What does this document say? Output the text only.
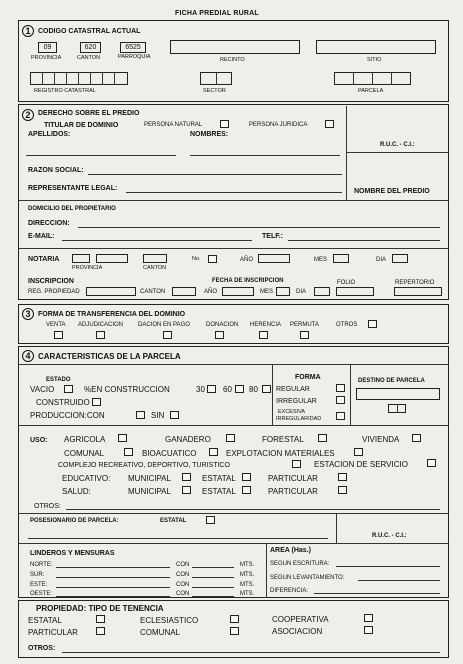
FICHA PREDIAL RURAL
1	CODIGO CATASTRAL ACTUAL
09	620	6525
PROVINCIA	CANTON	PARROQUIA	RECINTO	SITIO
REGISTRO CATASTRAL	SECTOR	PARCELA
2	DERECHO SOBRE EL PREDIO
TITULAR DE DOMINIO	PERSONA NATURAL	PERSONA JURIDICA
APELLIDOS:	NOMBRES:
R.U.C. - C.I.:
NOMBRE DEL PREDIO
RAZON SOCIAL:
REPRESENTANTE LEGAL:
DOMICILIO DEL PROPIETARIO
DIRECCION:
E-MAIL:	TELF.:
NOTARIA
PROVINCIA	CANTON
No.	AÑO	MES	DIA
INSCRIPCION	FECHA DE INSCRIPCION	FOLIO	REPERTORIO
REG. PROPIEDAD	CANTON	AÑO	MES	DIA
3	FORMA DE TRANSFERENCIA DEL DOMINIO
VENTA ADJUDICACION DACION EN PAGO	DONACION HERENCIA PERMUTA	OTROS
4 CARACTERISTICAS DE LA PARCELA
ESTADO
VACIO	%EN CONSTRUCCION	30 60 80
CONSTRUIDO
PRODUCCION:CON	SIN
FORMA
REGULAR
IRREGULAR
EXCESIVA
IRREGULARIDAD
DESTINO DE PARCELA
USO: AGRICOLA	GANADERO	FORESTAL	VIVIENDA
COMUNAL	BIOACUATICO	EXPLOTACION MATERIALES
COMPLEJO RECREATIVO, DEPORTIVO, TURISTICO	ESTACION DE SERVICIO
EDUCATIVO: MUNICIPAL	ESTATAL	PARTICULAR
SALUD:	MUNICIPAL	ESTATAL	PARTICULAR
OTROS:
POSESIONARIO DE PARCELA:	ESTATAL
R.U.C. - C.I.:
LINDEROS Y MENSURAS
NORTE:	CON	MTS.
SUR:	CON	MTS.
ESTE:	CON	MTS.
OESTE:	CON	MTS.
AREA (Has.)
SEGUN ESCRITURA:
SEGUN LEVANTAMIENTO:
DIFERENCIA:
PROPIEDAD: TIPO DE TENENCIA
ESTATAL	ECLESIASTICO	COOPERATIVA
PARTICULAR	COMUNAL	ASOCIACION
OTROS:
